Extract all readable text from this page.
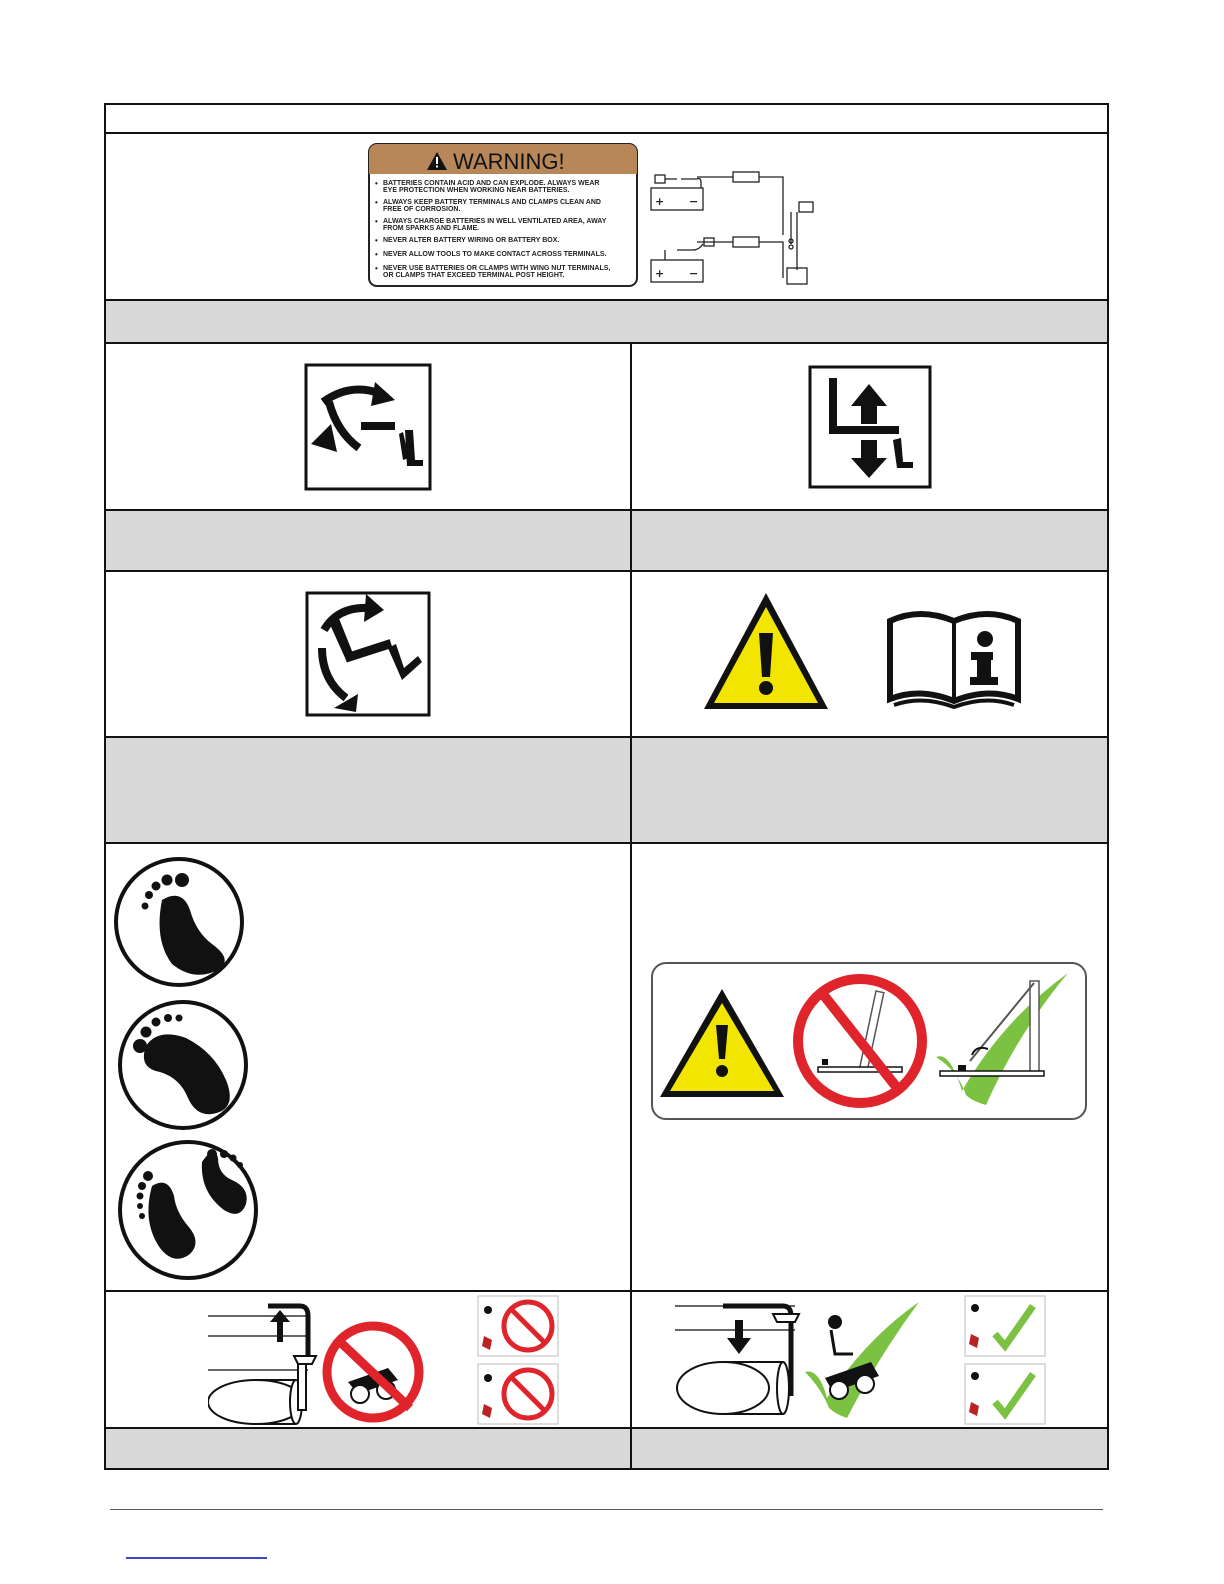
WARNING!
• BATTERIES CONTAIN ACID AND CAN EXPLODE. ALWAYS WEAR
EYE PROTECTION WHEN WORKING NEAR BATTERIES.
• ALWAYS KEEP BATTERY TERMINALS AND CLAMPS CLEAN AND
FREE OF CORROSION.
• ALWAYS CHARGE BATTERIES IN WELL VENTILATED AREA, AWAY
FROM SPARKS AND FLAME.
• NEVER ALTER BATTERY WIRING OR BATTERY BOX.
• NEVER ALLOW TOOLS TO MAKE CONTACT ACROSS TERMINALS.
• NEVER USE BATTERIES OR CLAMPS WITH WING NUT TERMINALS,
OR CLAMPS THAT EXCEED TERMINAL POST HEIGHT.
+ −
+ −
